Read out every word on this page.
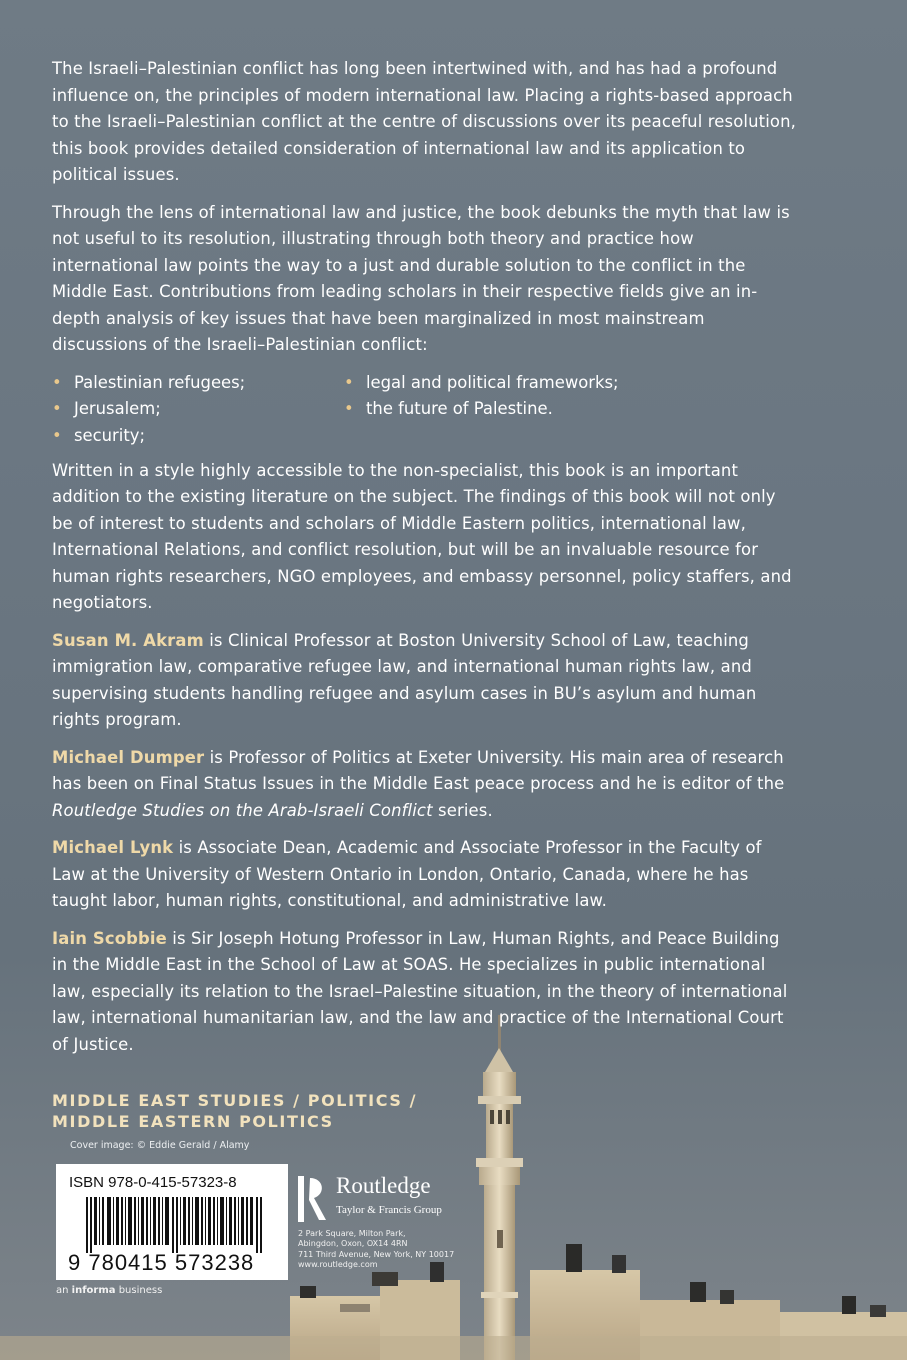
The Israeli–Palestinian conflict has long been intertwined with, and has had a profound influence on, the principles of modern international law. Placing a rights-based approach to the Israeli–Palestinian conflict at the centre of discussions over its peaceful resolution, this book provides detailed consideration of international law and its application to political issues.

Through the lens of international law and justice, the book debunks the myth that law is not useful to its resolution, illustrating through both theory and practice how international law points the way to a just and durable solution to the conflict in the Middle East. Contributions from leading scholars in their respective fields give an in-depth analysis of key issues that have been marginalized in most mainstream discussions of the Israeli–Palestinian conflict:

• Palestinian refugees;
• Jerusalem;
• security;
• legal and political frameworks;
• the future of Palestine.

Written in a style highly accessible to the non-specialist, this book is an important addition to the existing literature on the subject. The findings of this book will not only be of interest to students and scholars of Middle Eastern politics, international law, International Relations, and conflict resolution, but will be an invaluable resource for human rights researchers, NGO employees, and embassy personnel, policy staffers, and negotiators.

Susan M. Akram is Clinical Professor at Boston University School of Law, teaching immigration law, comparative refugee law, and international human rights law, and supervising students handling refugee and asylum cases in BU’s asylum and human rights program.

Michael Dumper is Professor of Politics at Exeter University. His main area of research has been on Final Status Issues in the Middle East peace process and he is editor of the Routledge Studies on the Arab-Israeli Conflict series.

Michael Lynk is Associate Dean, Academic and Associate Professor in the Faculty of Law at the University of Western Ontario in London, Ontario, Canada, where he has taught labor, human rights, constitutional, and administrative law.

Iain Scobbie is Sir Joseph Hotung Professor in Law, Human Rights, and Peace Building in the Middle East in the School of Law at SOAS. He specializes in public international law, especially its relation to the Israel–Palestine situation, in the theory of international law, international humanitarian law, and the law and practice of the International Court of Justice.

MIDDLE EAST STUDIES / POLITICS /
MIDDLE EASTERN POLITICS
Cover image: © Eddie Gerald / Alamy
ISBN 978-0-415-57323-8
9 780415 573238
an informa business
Routledge
Taylor & Francis Group
2 Park Square, Milton Park,
Abingdon, Oxon, OX14 4RN
711 Third Avenue, New York, NY 10017
www.routledge.com
